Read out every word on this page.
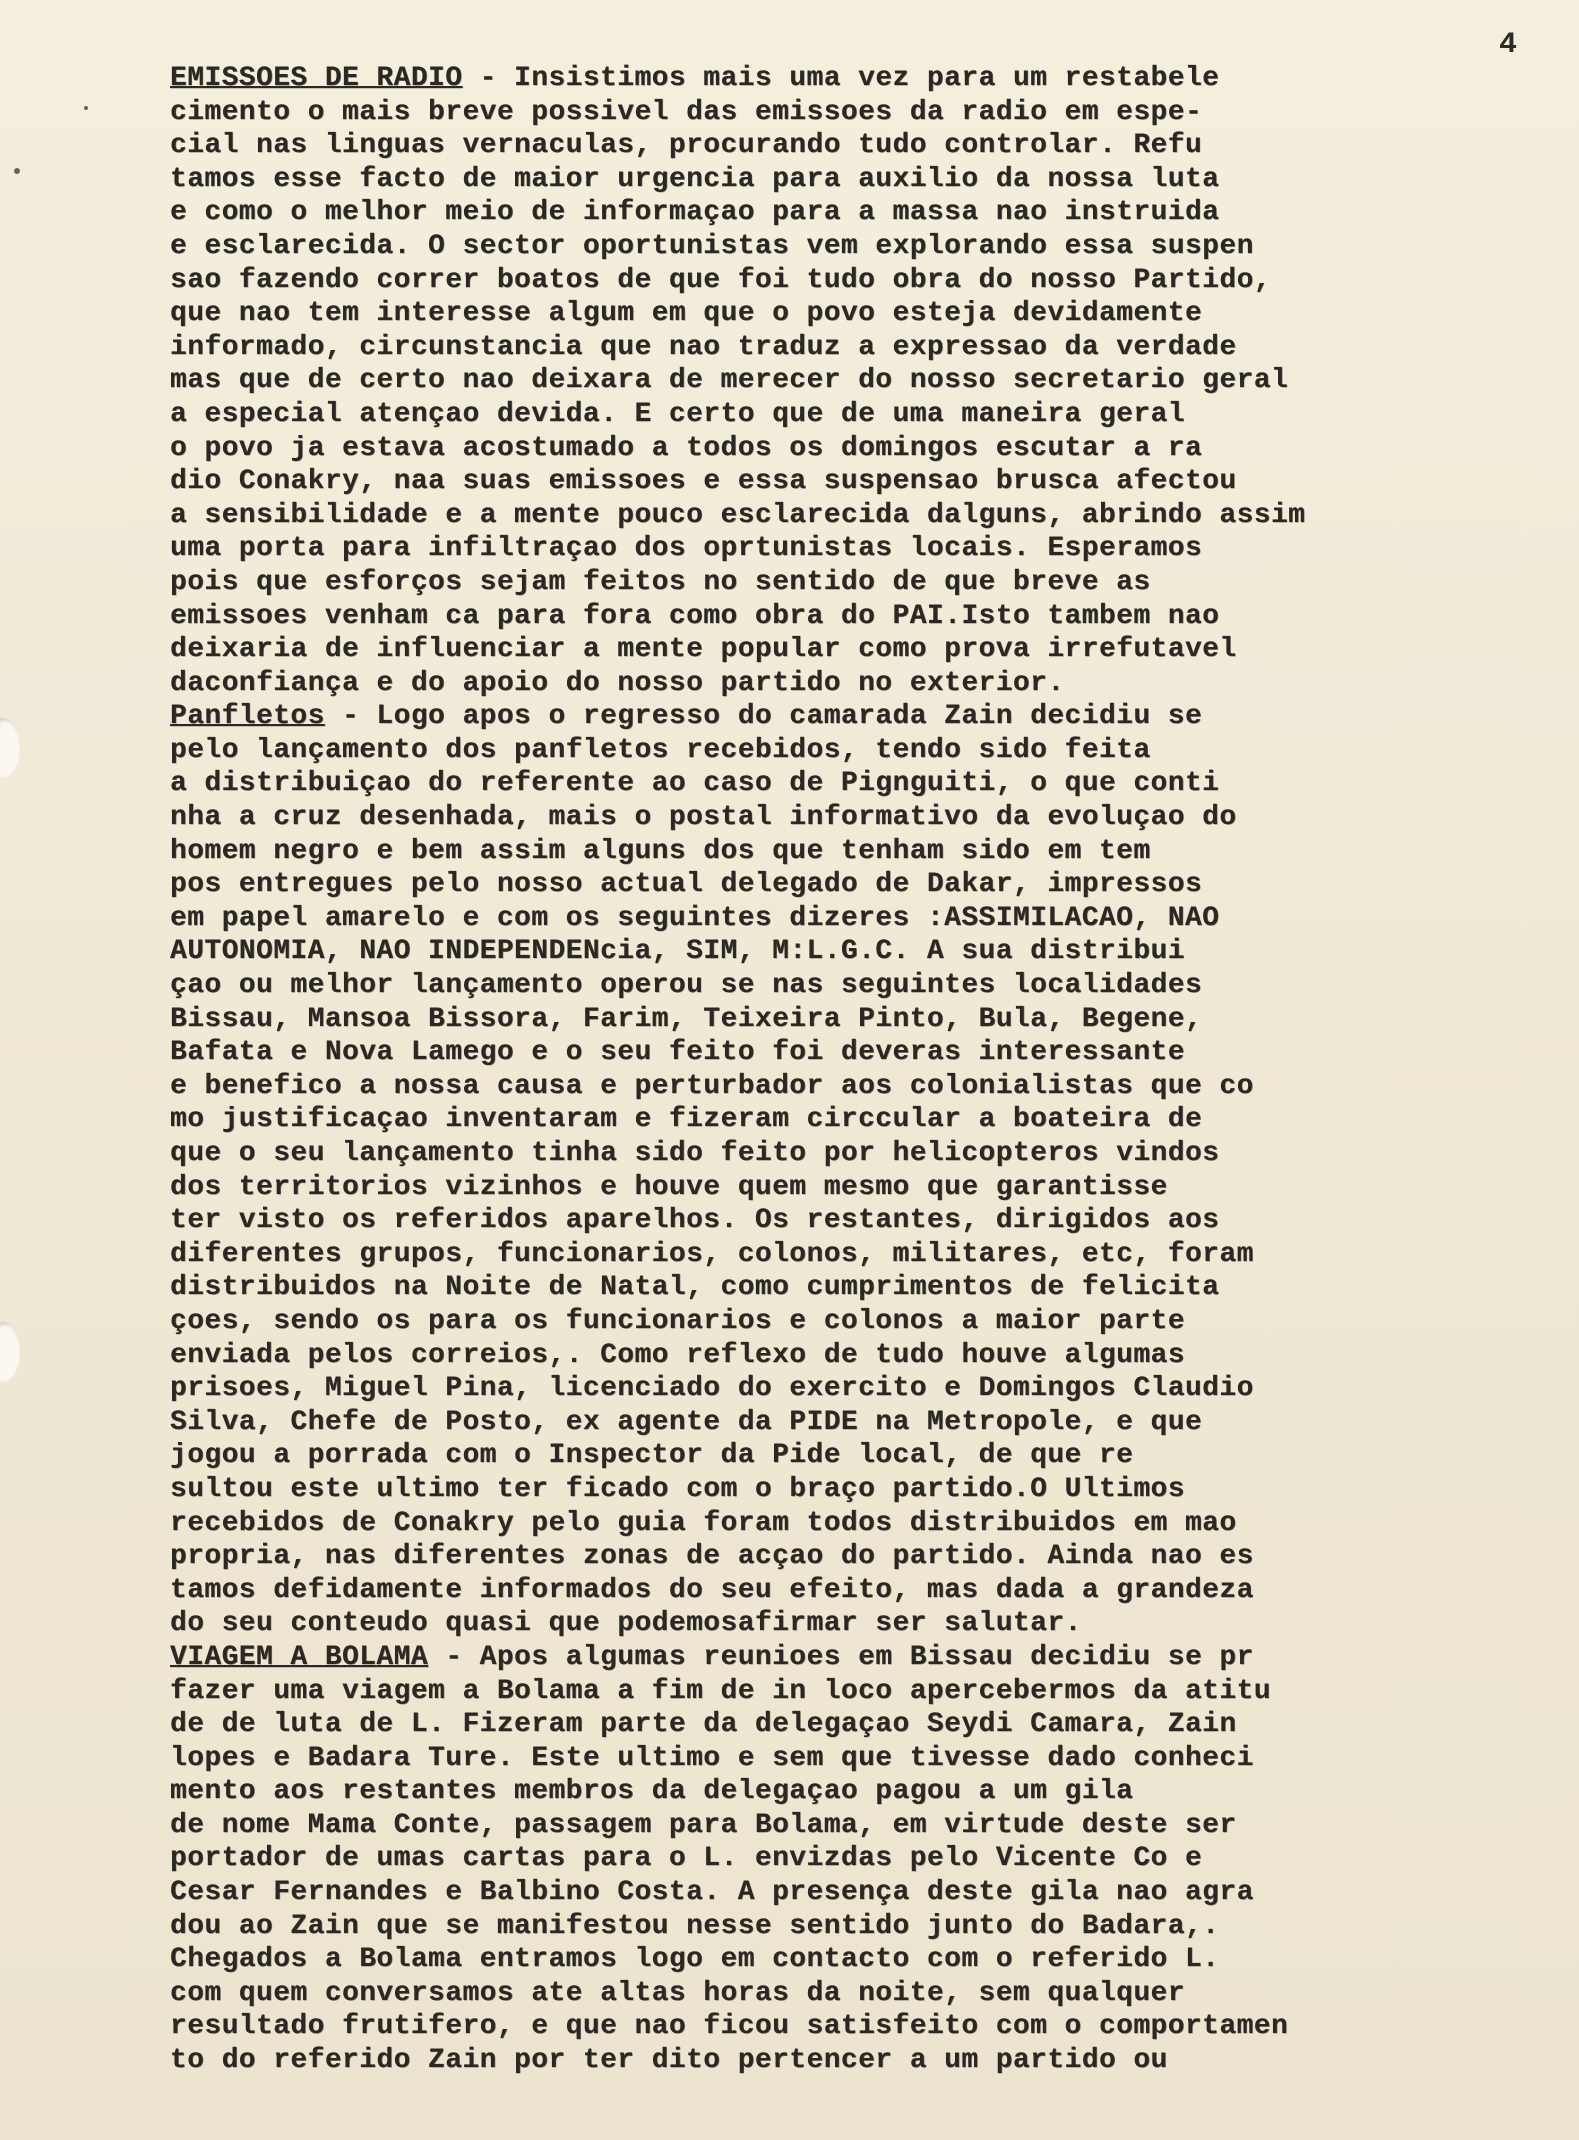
4
EMISSOES DE RADIO - Insistimos mais uma vez para um restabele
cimento o mais breve possivel das emissoes da radio em espe-
cial nas linguas vernaculas, procurando tudo controlar. Refu
tamos esse facto de maior urgencia para auxilio da nossa luta
e como o melhor meio de informaçao para a massa nao instruida
e esclarecida. O sector oportunistas vem explorando essa suspen
sao fazendo correr boatos de que foi tudo obra do nosso Partido,
que nao tem interesse algum em que o povo esteja devidamente
informado, circunstancia que nao traduz a expressao da verdade
mas que de certo nao deixara de merecer do nosso secretario geral
a especial atençao devida. E certo que de uma maneira geral
o povo ja estava acostumado a todos os domingos escutar a ra
dio Conakry, naa suas emissoes e essa suspensao brusca afectou
a sensibilidade e a mente pouco esclarecida dalguns, abrindo assim
uma porta para infiltraçao dos oprtunistas locais. Esperamos
pois que esforços sejam feitos no sentido de que breve as
emissoes venham ca para fora como obra do PAI.Isto tambem nao
deixaria de influenciar a mente popular como prova irrefutavel
daconfiança e do apoio do nosso partido no exterior.
Panfletos - Logo apos o regresso do camarada Zain decidiu se
pelo lançamento dos panfletos recebidos, tendo sido feita
a distribuiçao do referente ao caso de Pignguiti, o que conti
nha a cruz desenhada, mais o postal informativo da evoluçao do
homem negro e bem assim alguns dos que tenham sido em tem
pos entregues pelo nosso actual delegado de Dakar, impressos
em papel amarelo e com os seguintes dizeres :ASSIMILACAO, NAO
AUTONOMIA, NAO INDEPENDENcia, SIM, M:L.G.C. A sua distribui
çao ou melhor lançamento operou se nas seguintes localidades
Bissau, Mansoa Bissora, Farim, Teixeira Pinto, Bula, Begene,
Bafata e Nova Lamego e o seu feito foi deveras interessante
e benefico a nossa causa e perturbador aos colonialistas que co
mo justificaçao inventaram e fizeram circcular a boateira de
que o seu lançamento tinha sido feito por helicopteros vindos
dos territorios vizinhos e houve quem mesmo que garantisse
ter visto os referidos aparelhos. Os restantes, dirigidos aos
diferentes grupos, funcionarios, colonos, militares, etc, foram
distribuidos na Noite de Natal, como cumprimentos de felicita
çoes, sendo os para os funcionarios e colonos a maior parte
enviada pelos correios,. Como reflexo de tudo houve algumas
prisoes, Miguel Pina, licenciado do exercito e Domingos Claudio
Silva, Chefe de Posto, ex agente da PIDE na Metropole, e que
jogou a porrada com o Inspector da Pide local, de que re
sultou este ultimo ter ficado com o braço partido.O Ultimos
recebidos de Conakry pelo guia foram todos distribuidos em mao
propria, nas diferentes zonas de acçao do partido. Ainda nao es
tamos defidamente informados do seu efeito, mas dada a grandeza
do seu conteudo quasi que podemosafirmar ser salutar.
VIAGEM A BOLAMA - Apos algumas reunioes em Bissau decidiu se pr
fazer uma viagem a Bolama a fim de in loco apercebermos da atitu
de de luta de L. Fizeram parte da delegaçao Seydi Camara, Zain
lopes e Badara Ture. Este ultimo e sem que tivesse dado conheci
mento aos restantes membros da delegaçao pagou a um gila
de nome Mama Conte, passagem para Bolama, em virtude deste ser
portador de umas cartas para o L. envizdas pelo Vicente Co e
Cesar Fernandes e Balbino Costa. A presença deste gila nao agra
dou ao Zain que se manifestou nesse sentido junto do Badara,.
Chegados a Bolama entramos logo em contacto com o referido L.
com quem conversamos ate altas horas da noite, sem qualquer
resultado frutifero, e que nao ficou satisfeito com o comportamen
to do referido Zain por ter dito pertencer a um partido ou
